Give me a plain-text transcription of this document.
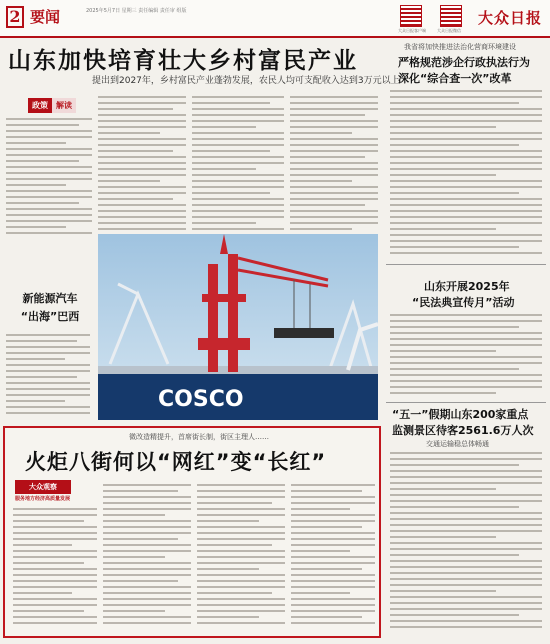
2 要闻	2025年5月7日 星期三 责任编辑 责任审 组版
大众日报客户端	大众日报微信
大众日报
山东加快培育壮大乡村富民产业
提出到2027年，乡村富民产业蓬勃发展，农民人均可支配收入达到3万元以上
政策	解读
我省将加快推进法治化营商环境建设
严格规范涉企行政执法行为
深化“综合查一次”改革
山东开展2025年
“民法典宣传月”活动
“五一”假期山东200家重点
监测景区待客2561.6万人次
交通运输稳总体畅通
新能源汽车
“出海”巴西
COSCO
微改造精提升，首席街长制，街区主理人……
火炬八街何以“网红”变“长红”
大众观察
服务地方经济高质量发展
